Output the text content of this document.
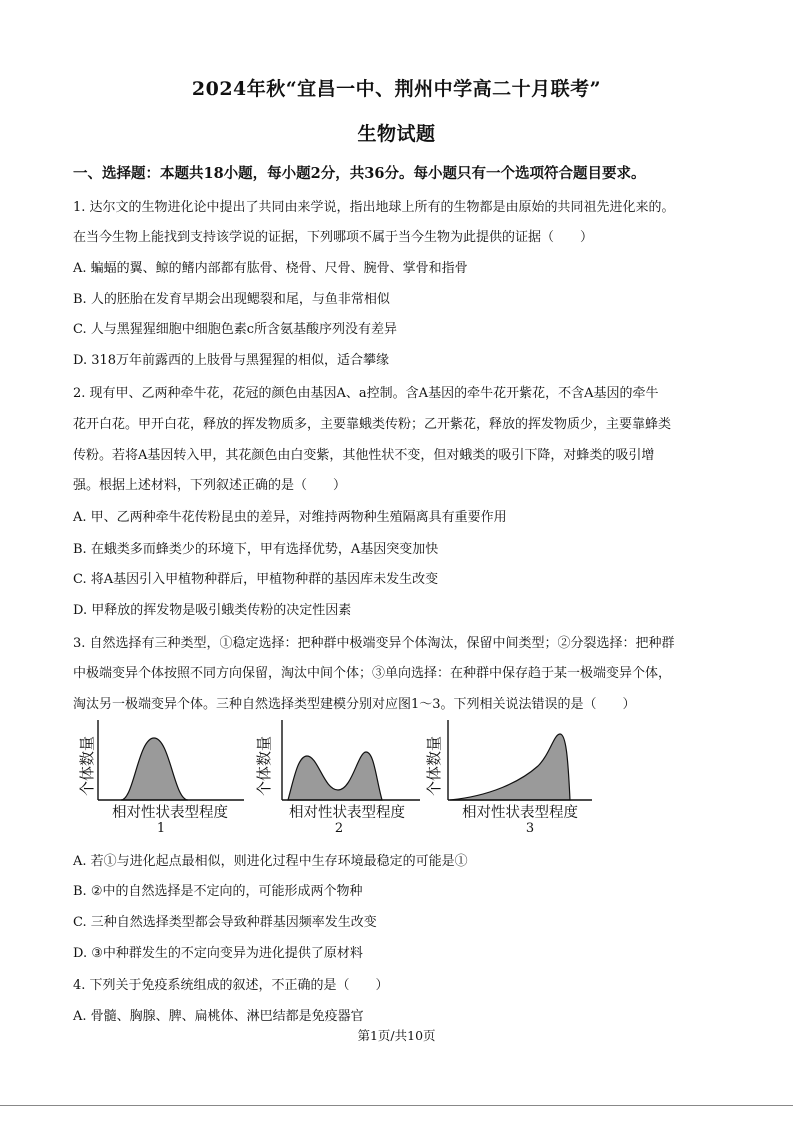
2024年秋“宜昌一中、荆州中学高二十月联考”
生物试题
一、选择题：本题共18小题，每小题2分，共36分。每小题只有一个选项符合题目要求。
1. 达尔文的生物进化论中提出了共同由来学说，指出地球上所有的生物都是由原始的共同祖先进化来的。
在当今生物上能找到支持该学说的证据，下列哪项不属于当今生物为此提供的证据（　　）
A. 蝙蝠的翼、鲸的鳍内部都有肱骨、桡骨、尺骨、腕骨、掌骨和指骨
B. 人的胚胎在发育早期会出现鳃裂和尾，与鱼非常相似
C. 人与黑猩猩细胞中细胞色素c所含氨基酸序列没有差异
D. 318万年前露西的上肢骨与黑猩猩的相似，适合攀缘
2. 现有甲、乙两种牵牛花，花冠的颜色由基因A、a控制。含A基因的牵牛花开紫花，不含A基因的牵牛
花开白花。甲开白花，释放的挥发物质多，主要靠蛾类传粉；乙开紫花，释放的挥发物质少，主要靠蜂类
传粉。若将A基因转入甲，其花颜色由白变紫，其他性状不变，但对蛾类的吸引下降，对蜂类的吸引增
强。根据上述材料，下列叙述正确的是（　　）
A. 甲、乙两种牵牛花传粉昆虫的差异，对维持两物种生殖隔离具有重要作用
B. 在蛾类多而蜂类少的环境下，甲有选择优势，A基因突变加快
C. 将A基因引入甲植物种群后，甲植物种群的基因库未发生改变
D. 甲释放的挥发物是吸引蛾类传粉的决定性因素
3. 自然选择有三种类型，①稳定选择：把种群中极端变异个体淘汰，保留中间类型；②分裂选择：把种群
中极端变异个体按照不同方向保留，淘汰中间个体；③单向选择：在种群中保存趋于某一极端变异个体，
淘汰另一极端变异个体。三种自然选择类型建模分别对应图1～3。下列相关说法错误的是（　　）
个体数量	个体数量	个体数量
相对性状表型程度	相对性状表型程度	相对性状表型程度
1	2	3
A. 若①与进化起点最相似，则进化过程中生存环境最稳定的可能是①
B. ②中的自然选择是不定向的，可能形成两个物种
C. 三种自然选择类型都会导致种群基因频率发生改变
D. ③中种群发生的不定向变异为进化提供了原材料
4. 下列关于免疫系统组成的叙述，不正确的是（　　）
A. 骨髓、胸腺、脾、扁桃体、淋巴结都是免疫器官
第1页/共10页
